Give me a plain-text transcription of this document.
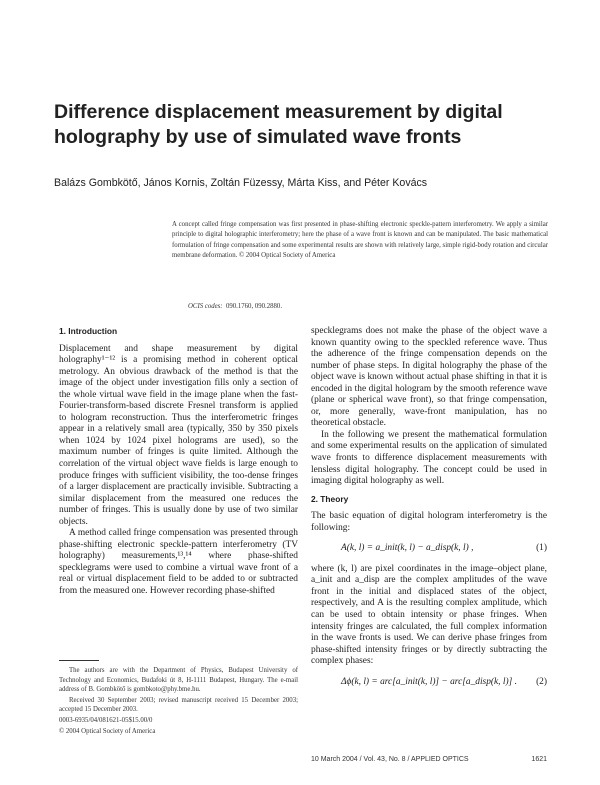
Difference displacement measurement by digital holography by use of simulated wave fronts
Balázs Gombkötő, János Kornis, Zoltán Füzessy, Márta Kiss, and Péter Kovács
A concept called fringe compensation was first presented in phase-shifting electronic speckle-pattern interferometry. We apply a similar principle to digital holographic interferometry; here the phase of a wave front is known and can be manipulated. The basic mathematical formulation of fringe compensation and some experimental results are shown with relatively large, simple rigid-body rotation and circular membrane deformation. © 2004 Optical Society of America
OCIS codes: 090.1760, 090.2880.
1. Introduction

Displacement and shape measurement by digital holography¹⁻¹² is a promising method in coherent optical metrology. An obvious drawback of the method is that the image of the object under investigation fills only a section of the whole virtual wave field in the image plane when the fast-Fourier-transform-based discrete Fresnel transform is applied to hologram reconstruction. Thus the interferometric fringes appear in a relatively small area (typically, 350 by 350 pixels when 1024 by 1024 pixel holograms are used), so the maximum number of fringes is quite limited. Although the correlation of the virtual object wave fields is large enough to produce fringes with sufficient visibility, the too-dense fringes of a larger displacement are practically invisible. Subtracting a similar displacement from the measured one reduces the number of fringes. This is usually done by use of two similar objects.

A method called fringe compensation was presented through phase-shifting electronic speckle-pattern interferometry (TV holography) measurements,¹³,¹⁴ where phase-shifted specklegrams were used to combine a virtual wave front of a real or virtual displacement field to be added to or subtracted from the measured one. However recording phase-shifted

specklegrams does not make the phase of the object wave a known quantity owing to the speckled reference wave. Thus the adherence of the fringe compensation depends on the number of phase steps. In digital holography the phase of the object wave is known without actual phase shifting in that it is encoded in the digital hologram by the smooth reference wave (plane or spherical wave front), so that fringe compensation, or, more generally, wave-front manipulation, has no theoretical obstacle.

In the following we present the mathematical formulation and some experimental results on the application of simulated wave fronts to difference displacement measurements with lensless digital holography. The concept could be used in imaging digital holography as well.

2. Theory

The basic equation of digital hologram interferometry is the following:

A(k, l) = a_init(k, l) − a_disp(k, l) ,	(1)

where (k, l) are pixel coordinates in the image–object plane, a_init and a_disp are the complex amplitudes of the wave front in the initial and displaced states of the object, respectively, and A is the resulting complex amplitude, which can be used to obtain intensity or phase fringes. When intensity fringes are calculated, the full complex information in the wave fronts is used. We can derive phase fringes from phase-shifted intensity fringes or by directly subtracting the complex phases:

Δϕ(k, l) = arc[a_init(k, l)] − arc[a_disp(k, l)] . (2)

The authors are with the Department of Physics, Budapest University of Technology and Economics, Budafoki út 8, H-1111 Budapest, Hungary. The e-mail address of B. Gombkötő is gombkoto@phy.bme.hu.

Received 30 September 2003; revised manuscript received 15 December 2003; accepted 15 December 2003.

0003-6935/04/081621-05$15.00/0

© 2004 Optical Society of America

10 March 2004 / Vol. 43, No. 8 / APPLIED OPTICS	1621
